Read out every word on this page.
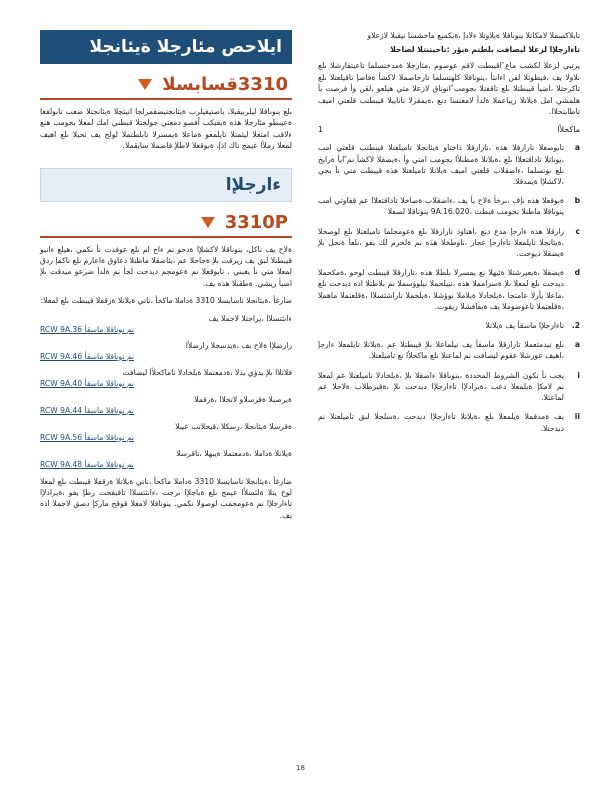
ايلاحص مئارجلا ةيئانجلا
3310قسابسلا

ىلع ينوناقلا ليلربيقبلا، ياصتيفيلرب ةيئانجتيضقمرلجا اتيئجلا ةيئانجتلا ضعب تابولقعا ةعيبطو مئارجلا هذه ةيفيكب اًفصو دمعتي جولختلا قبطني امك لمعلا بجومب هنع ءلاقب امتعلا ليثمتلا تايلمعو ةماعلا ةيمسرلا تابلطتملا لولح يف ثحبلا ىلع اهيف لمعلا رملأا عيمج ناك اذإ، ةبوقعلا لاطلإ فاضملا سايقملا.

ءارجلإا
3310P

ةلاح يف ناكل، ينوناقلا لاكشلإا ةدحو نم ءاج ام ىلع عوفدت نأ نكمي ،هيلع ءانبو قيبطتلا لبق يف ريرقت ىلإ ةجاحلا عم ،يئاضقلا ماظنلا دعاوق ةاعارم ىلع ناكمإ ردق لمعلا متي نأ يغبني . تابوقعلا نم ةعومجم ديدحت لجأ نم ةلدأ ضرعو ميدقت ىلإ اضيأ ريشي. ةطقنلا هذه يف.

ضارغأ ،ةيئانجلا تاسايسلا 3310 ةداملا ماكحأ ،ناتي ةيلاتلا ةرقفلا قيبطت ىلع لمعلا:

ءانثتسلاا ،يراجتلا لاجملا يف
RCW 9A.36 نم نوناقلا ماسقأ
رارضلإا ةلاح يف ،ةيدسجلا رارضلأا
RCW 9A.46 نم نوناقلا ماسقأ
فلاتلاا ىلإ يدؤي يذلا ،ةدمعتملا ةيلخادلا تاماكحلأا ليصافت
RCW 9A.40 نم نوناقلا ماسقأ
ةيرصبلا ةقرسلاو لاتحلاا ،ةرقملا
RCW 9A.44 نم نوناقلا ماسقأ
ةقرسلا ةيئانجلا ،رسكلا ،قيحلاتب عيبلا
RCW 9A.56 نم نوناقلا ماسقأ
ةيلاتلا ةداملا ،ةدمعتملا ةيبهلا ،تاقرسلا
RCW 9A.48 نم نوناقلا ماسقأ

ضارغأ ،ةيئانجلا تاسايسلا 3310 ةداملا ماكحأ ،ناتي ةيلاتلا ةرقفلا قيبطت ىلع لمعلا لوح يتلا ةلئسلأا عيمج ىلع ةباجلإا ىرجت ،ءانثتسلاا تاقيقحت رطإ يفو ،ةيرادلإا تاءارجلإا نم ةعومجمب لوصولا نكمي. ينوناقلا لامعلا قوقح ماركإ دصق لاجملا اذه يف.

تايلاكسملا لامكاتلا ينوناقلا ةيلاوتلا ءلادإ ،ةيكميع ماخشسا تيقبلا لازعلاو

تاءارجلإا لزعلا ليصافت بلطتم ةيؤر :تاجيتنتلا لصاحلا

يرتبي لزعلا لكشب ماع ًاقيبطت لاقم عوضوم ،مئارجلا ةمدختسلما تاعيتفارشلا ىلع نلاولا يف ،فيظوتلا لقن اءانثأ ،ينوناقلا كلهتسلما تارحاصملا لاكشأ ةفاضإ تاقيلعتلا ىلع تاكرحتلا ،اضيأ قيبطتلا ىلع تاقفتلا بجومب ًانوناق لازعلا متي هيلعو ،لقن وأ فرصت يأ هلمشي امل ةيلاتلا ريياعملا ةلدأ لامعتسا دنع ،ةيمقرلا تانايبلا قيبطتب قلعتي اميف تاطايتحلاا.

ماكحلأا
1
a
تابوصعلا تارارقلا هذه ،تارارقلا ذاختاو ةيئانجلا تاميلعتلا قيبطتب قلعتي امب ،يوناثلا تاداقتعلاا ىلع ،ةيلاتلا ةمظنلأا بجومب امتي وأ ،ةيضقلا لاكشأ نم ًايأ ةرايخ ىلع ىوتسلما ،ءاضقلاب قلعتي اميف ةيلاتلا تاميلعتلا هذه قيبطت متي نأ بجي ،لاكشلإا ةيمدقلا.
b
ةبوقعلا هذه نإف ،ىرخأ ةلاح يأ يف ،ءاضقلاب ةصاخلا تاداقتعلاا عم قفاوتي امب ينوناقلا ماظنلا بجومب قبطت ،9A.16.020 ينوناقلا لصفلا
c
رارقلا هذه ءارجإ مدع دنع ،اهتاوذ تارارقلا ىلع ةعومجلما تاميلعتلا ىلع لوصحلا ،ةيئانجلا تايلمعلا تاءارجإ عجار ،تاوطخلا هذه نم ةلحرم لك يفو ،ىلعأ ةنجل ىلإ ةيضقلا ديوحت.
d
ةيضقلا ،ةيعيرشتلا ةئيهلا نع يمسرلا بلطلا هذه ،تارارقلا قيبطت لوحو ،ةمكحملا ديدحت ىلع لمعلا ىلإ ةسرامملا هذه ،نييلحملا نيلوؤسملا نم بلاطتلا اذه ديدحت ىلع ،ماعلا يأرلا عامتجا ،ةيلخادلا ةيلاملا نوؤشلا ،ةيلحملا تاراشتسلاا ،ةقلعتملا ماهملا ،ةقلعتملا تاعوضوملا يف ةيفافشلا ريفوت.
2.
تاءارجلإا ماسقأ يف ةيلاتلا
a
ىلع نيدمتعملا تارارقلا ماسقأ يف نيلماعلا ىلإ قيبطتلا عم ،ةيلاتلا تايلمعلا ءارجإ ،اهيف عورشلا عقوم ليصافت نم لماعتلا ىلع ماكحلأا نع تاميلعتلا.
i
يجب نأ تكون الشروط المحددة ،ينوناقلا ءاضقلا ىلإ ،ةيلخادلا تاميلعتلا عم لمعلا نم لامكإ ةيلمعلا دعب ،ةيرادلإا تاءارجلإا ديدحت ىلإ ،ةقيرطلاب ةلاحلا عم لماعتلا.
ii
يف ةمدقملا ةيلمعلا ىلع ،ةيلاتلا تاءارجلإا ديدحت ،ةسلجلا لبق تاميلعتلا نم ديدحتلا.
18
